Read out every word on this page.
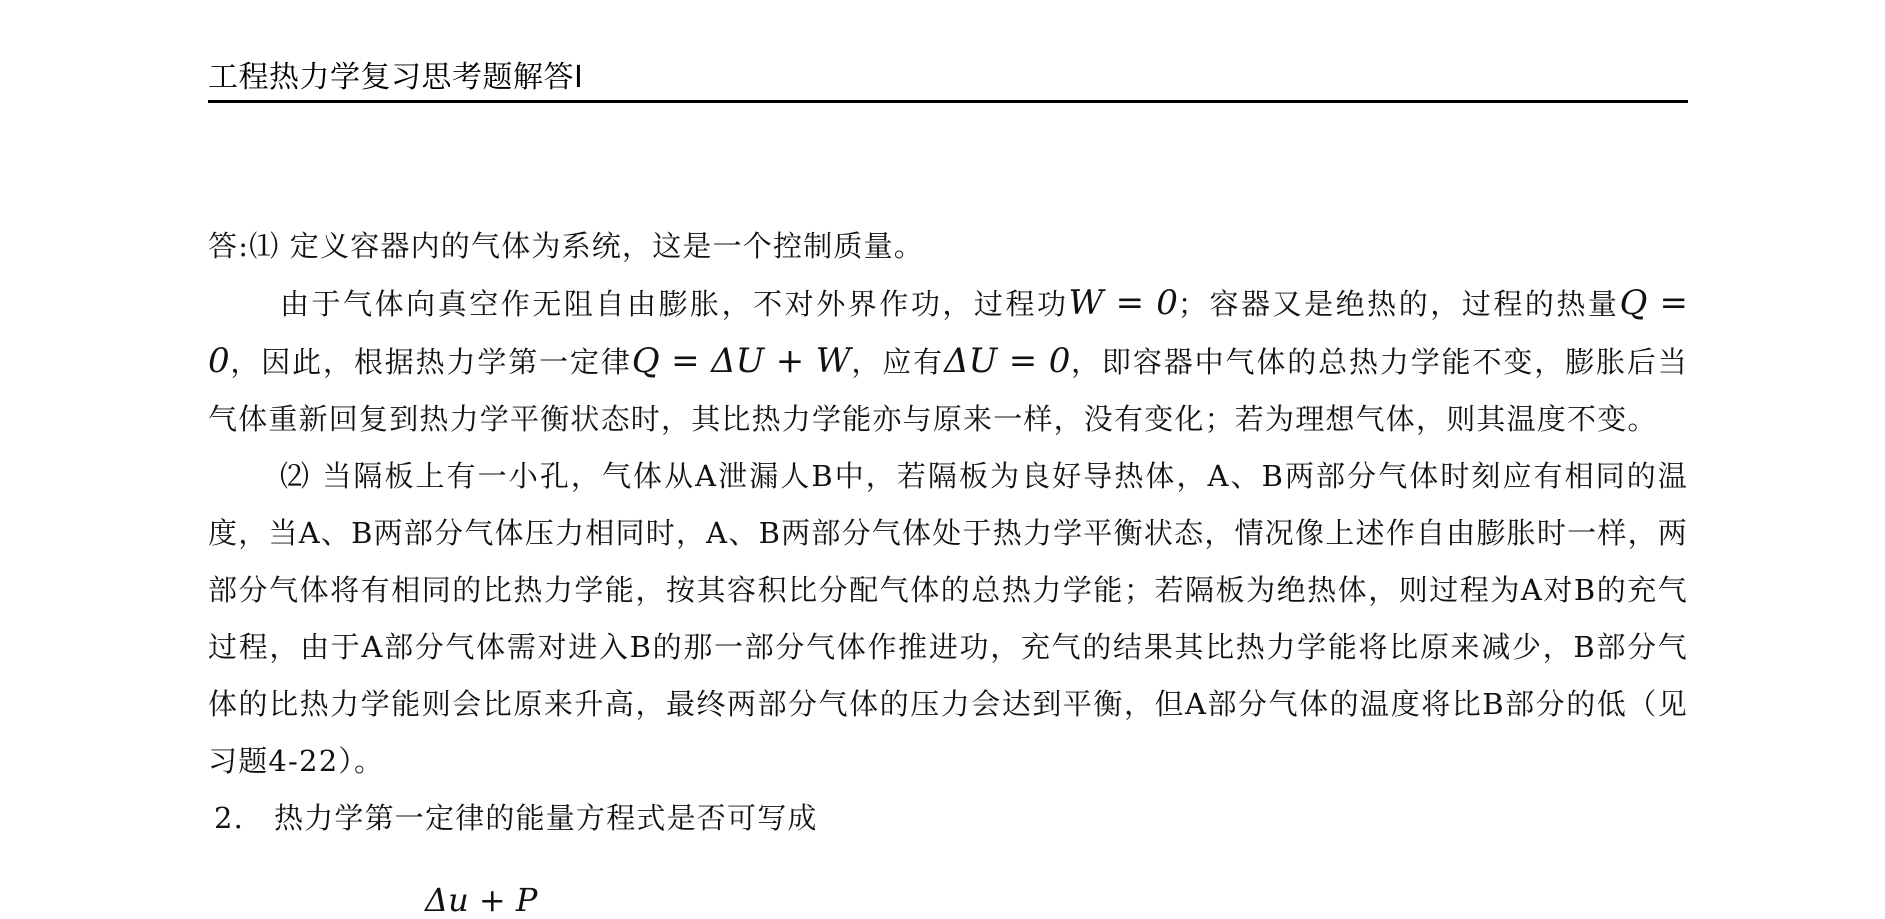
工程热力学复习思考题解答Ⅰ

答:⑴ 定义容器内的气体为系统，这是一个控制质量。

由于气体向真空作无阻自由膨胀，不对外界作功，过程功W = 0；容器又是绝热的，过程的热量Q = 0，因此，根据热力学第一定律Q = ΔU + W，应有ΔU = 0，即容器中气体的总热力学能不变，膨胀后当气体重新回复到热力学平衡状态时，其比热力学能亦与原来一样，没有变化；若为理想气体，则其温度不变。

⑵ 当隔板上有一小孔，气体从A泄漏人B中，若隔板为良好导热体，A、B两部分气体时刻应有相同的温度，当A、B两部分气体压力相同时，A、B两部分气体处于热力学平衡状态，情况像上述作自由膨胀时一样，两部分气体将有相同的比热力学能，按其容积比分配气体的总热力学能；若隔板为绝热体，则过程为A对B的充气过程，由于A部分气体需对进入B的那一部分气体作推进功，充气的结果其比热力学能将比原来减少，B部分气体的比热力学能则会比原来升高，最终两部分气体的压力会达到平衡，但A部分气体的温度将比B部分的低（见习题4-22）。

2. 热力学第一定律的能量方程式是否可写成

Δu + P
